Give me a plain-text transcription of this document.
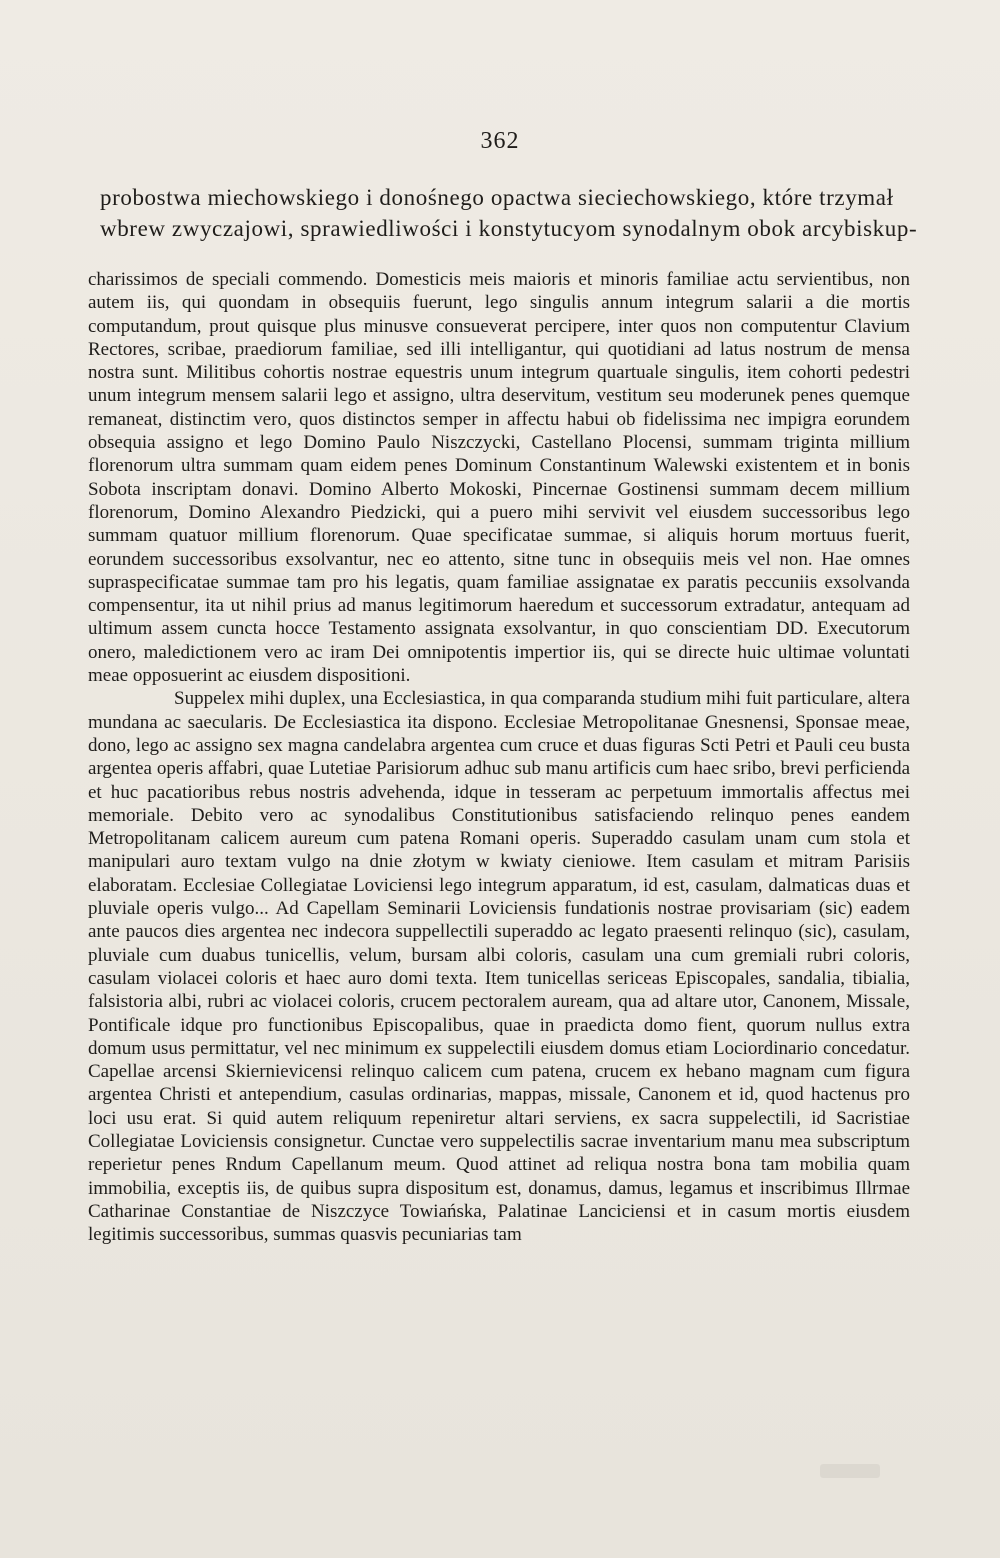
362

probostwa miechowskiego i donośnego opactwa sieciechowskiego, które trzymał wbrew zwyczajowi, sprawiedliwości i konstytucyom synodalnym obok arcybiskup-

charissimos de speciali commendo. Domesticis meis maioris et minoris familiae actu servientibus, non autem iis, qui quondam in obsequiis fuerunt, lego singulis annum integrum salarii a die mortis computandum, prout quisque plus minusve consueverat percipere, inter quos non computentur Clavium Rectores, scribae, praediorum familiae, sed illi intelligantur, qui quotidiani ad latus nostrum de mensa nostra sunt. Militibus cohortis nostrae equestris unum integrum quartuale singulis, item cohorti pedestri unum integrum mensem salarii lego et assigno, ultra deservitum, vestitum seu moderunek penes quemque remaneat, distinctim vero, quos distinctos semper in affectu habui ob fidelissima nec impigra eorundem obsequia assigno et lego Domino Paulo Niszczycki, Castellano Plocensi, summam triginta millium florenorum ultra summam quam eidem penes Dominum Constantinum Walewski existentem et in bonis Sobota inscriptam donavi. Domino Alberto Mokoski, Pincernae Gostinensi summam decem millium florenorum, Domino Alexandro Piedzicki, qui a puero mihi servivit vel eiusdem successoribus lego summam quatuor millium florenorum. Quae specificatae summae, si aliquis horum mortuus fuerit, eorundem successoribus exsolvantur, nec eo attento, sitne tunc in obsequiis meis vel non. Hae omnes supraspecificatae summae tam pro his legatis, quam familiae assignatae ex paratis peccuniis exsolvanda compensentur, ita ut nihil prius ad manus legitimorum haeredum et successorum extradatur, antequam ad ultimum assem cuncta hocce Testamento assignata exsolvantur, in quo conscientiam DD. Executorum onero, maledictionem vero ac iram Dei omnipotentis impertior iis, qui se directe huic ultimae voluntati meae opposuerint ac eiusdem dispositioni.

Suppelex mihi duplex, una Ecclesiastica, in qua comparanda studium mihi fuit particulare, altera mundana ac saecularis. De Ecclesiastica ita dispono. Ecclesiae Metropolitanae Gnesnensi, Sponsae meae, dono, lego ac assigno sex magna candelabra argentea cum cruce et duas figuras Scti Petri et Pauli ceu busta argentea operis affabri, quae Lutetiae Parisiorum adhuc sub manu artificis cum haec sribo, brevi perficienda et huc pacatioribus rebus nostris advehenda, idque in tesseram ac perpetuum immortalis affectus mei memoriale. Debito vero ac synodalibus Constitutionibus satisfaciendo relinquo penes eandem Metropolitanam calicem aureum cum patena Romani operis. Superaddo casulam unam cum stola et manipulari auro textam vulgo na dnie złotym w kwiaty cieniowe. Item casulam et mitram Parisiis elaboratam. Ecclesiae Collegiatae Loviciensi lego integrum apparatum, id est, casulam, dalmaticas duas et pluviale operis vulgo... Ad Capellam Seminarii Loviciensis fundationis nostrae provisariam (sic) eadem ante paucos dies argentea nec indecora suppellectili superaddo ac legato praesenti relinquo (sic), casulam, pluviale cum duabus tunicellis, velum, bursam albi coloris, casulam una cum gremiali rubri coloris, casulam violacei coloris et haec auro domi texta. Item tunicellas sericeas Episcopales, sandalia, tibialia, falsistoria albi, rubri ac violacei coloris, crucem pectoralem auream, qua ad altare utor, Canonem, Missale, Pontificale idque pro functionibus Episcopalibus, quae in praedicta domo fient, quorum nullus extra domum usus permittatur, vel nec minimum ex suppelectili eiusdem domus etiam Lociordinario concedatur. Capellae arcensi Skiernievicensi relinquo calicem cum patena, crucem ex hebano magnam cum figura argentea Christi et antependium, casulas ordinarias, mappas, missale, Canonem et id, quod hactenus pro loci usu erat. Si quid autem reliquum repeniretur altari serviens, ex sacra suppelectili, id Sacristiae Collegiatae Loviciensis consignetur. Cunctae vero suppelectilis sacrae inventarium manu mea subscriptum reperietur penes Rndum Capellanum meum. Quod attinet ad reliqua nostra bona tam mobilia quam immobilia, exceptis iis, de quibus supra dispositum est, donamus, damus, legamus et inscribimus Illrmae Catharinae Constantiae de Niszczyce Towiańska, Palatinae Lanciciensi et in casum mortis eiusdem legitimis successoribus, summas quasvis pecuniarias tam
